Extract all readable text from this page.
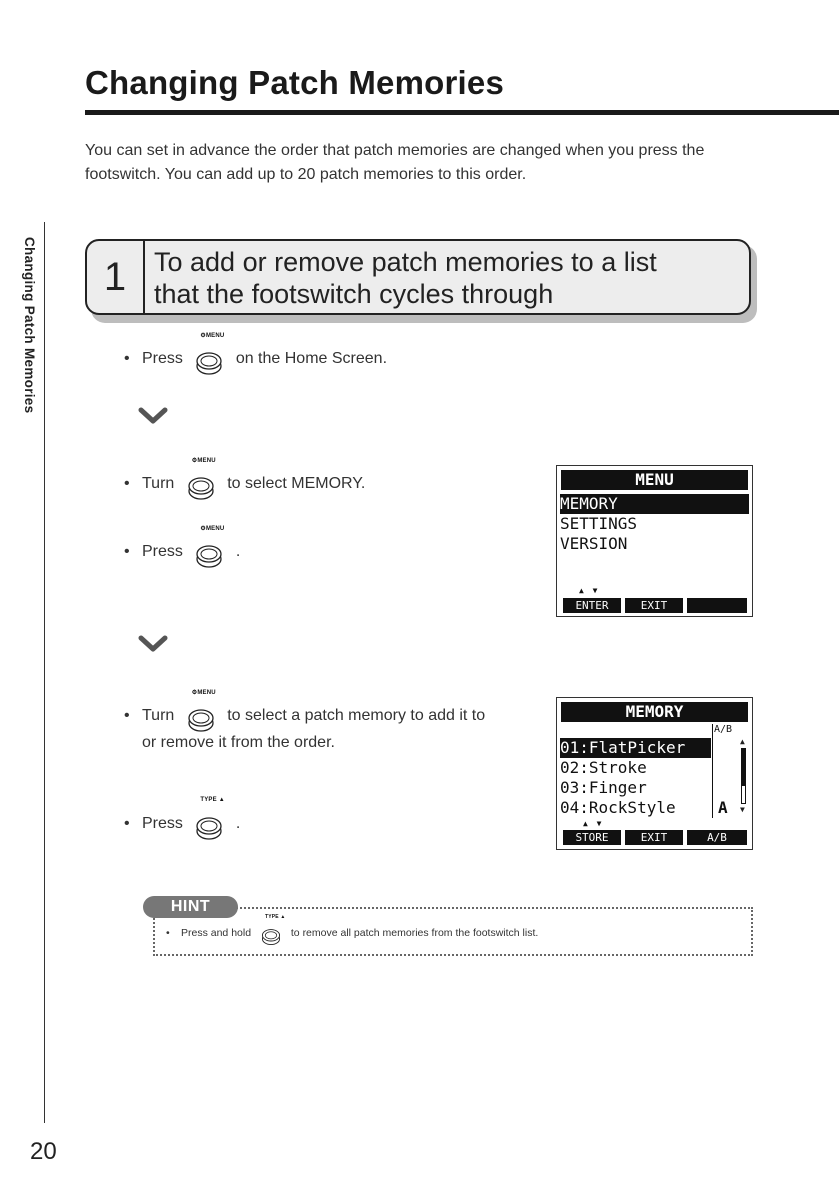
Changing Patch Memories
You can set in advance the order that patch memories are changed when you press the footswitch. You can add up to 20 patch memories to this order.
Changing Patch Memories
20
1	To add or remove patch memories to a list
that the footswitch cycles through
• Press
⚙MENU
on the Home Screen.
• Turn
⚙MENU
to select MEMORY.
• Press
⚙MENU
.
MENU
MEMORY
SETTINGS
VERSION
▲ ▼
ENTER	EXIT
• Turn
⚙MENU
to select a patch memory to add it to
or remove it from the order.
• Press
TYPE ▲
.
MEMORY
A/B
01:FlatPicker
02:Stroke
03:Finger
04:RockStyle	A
▲
▼
▲ ▼
STORE	EXIT	A/B
HINT
• Press and hold
TYPE ▲
to remove all patch memories from the footswitch list.
